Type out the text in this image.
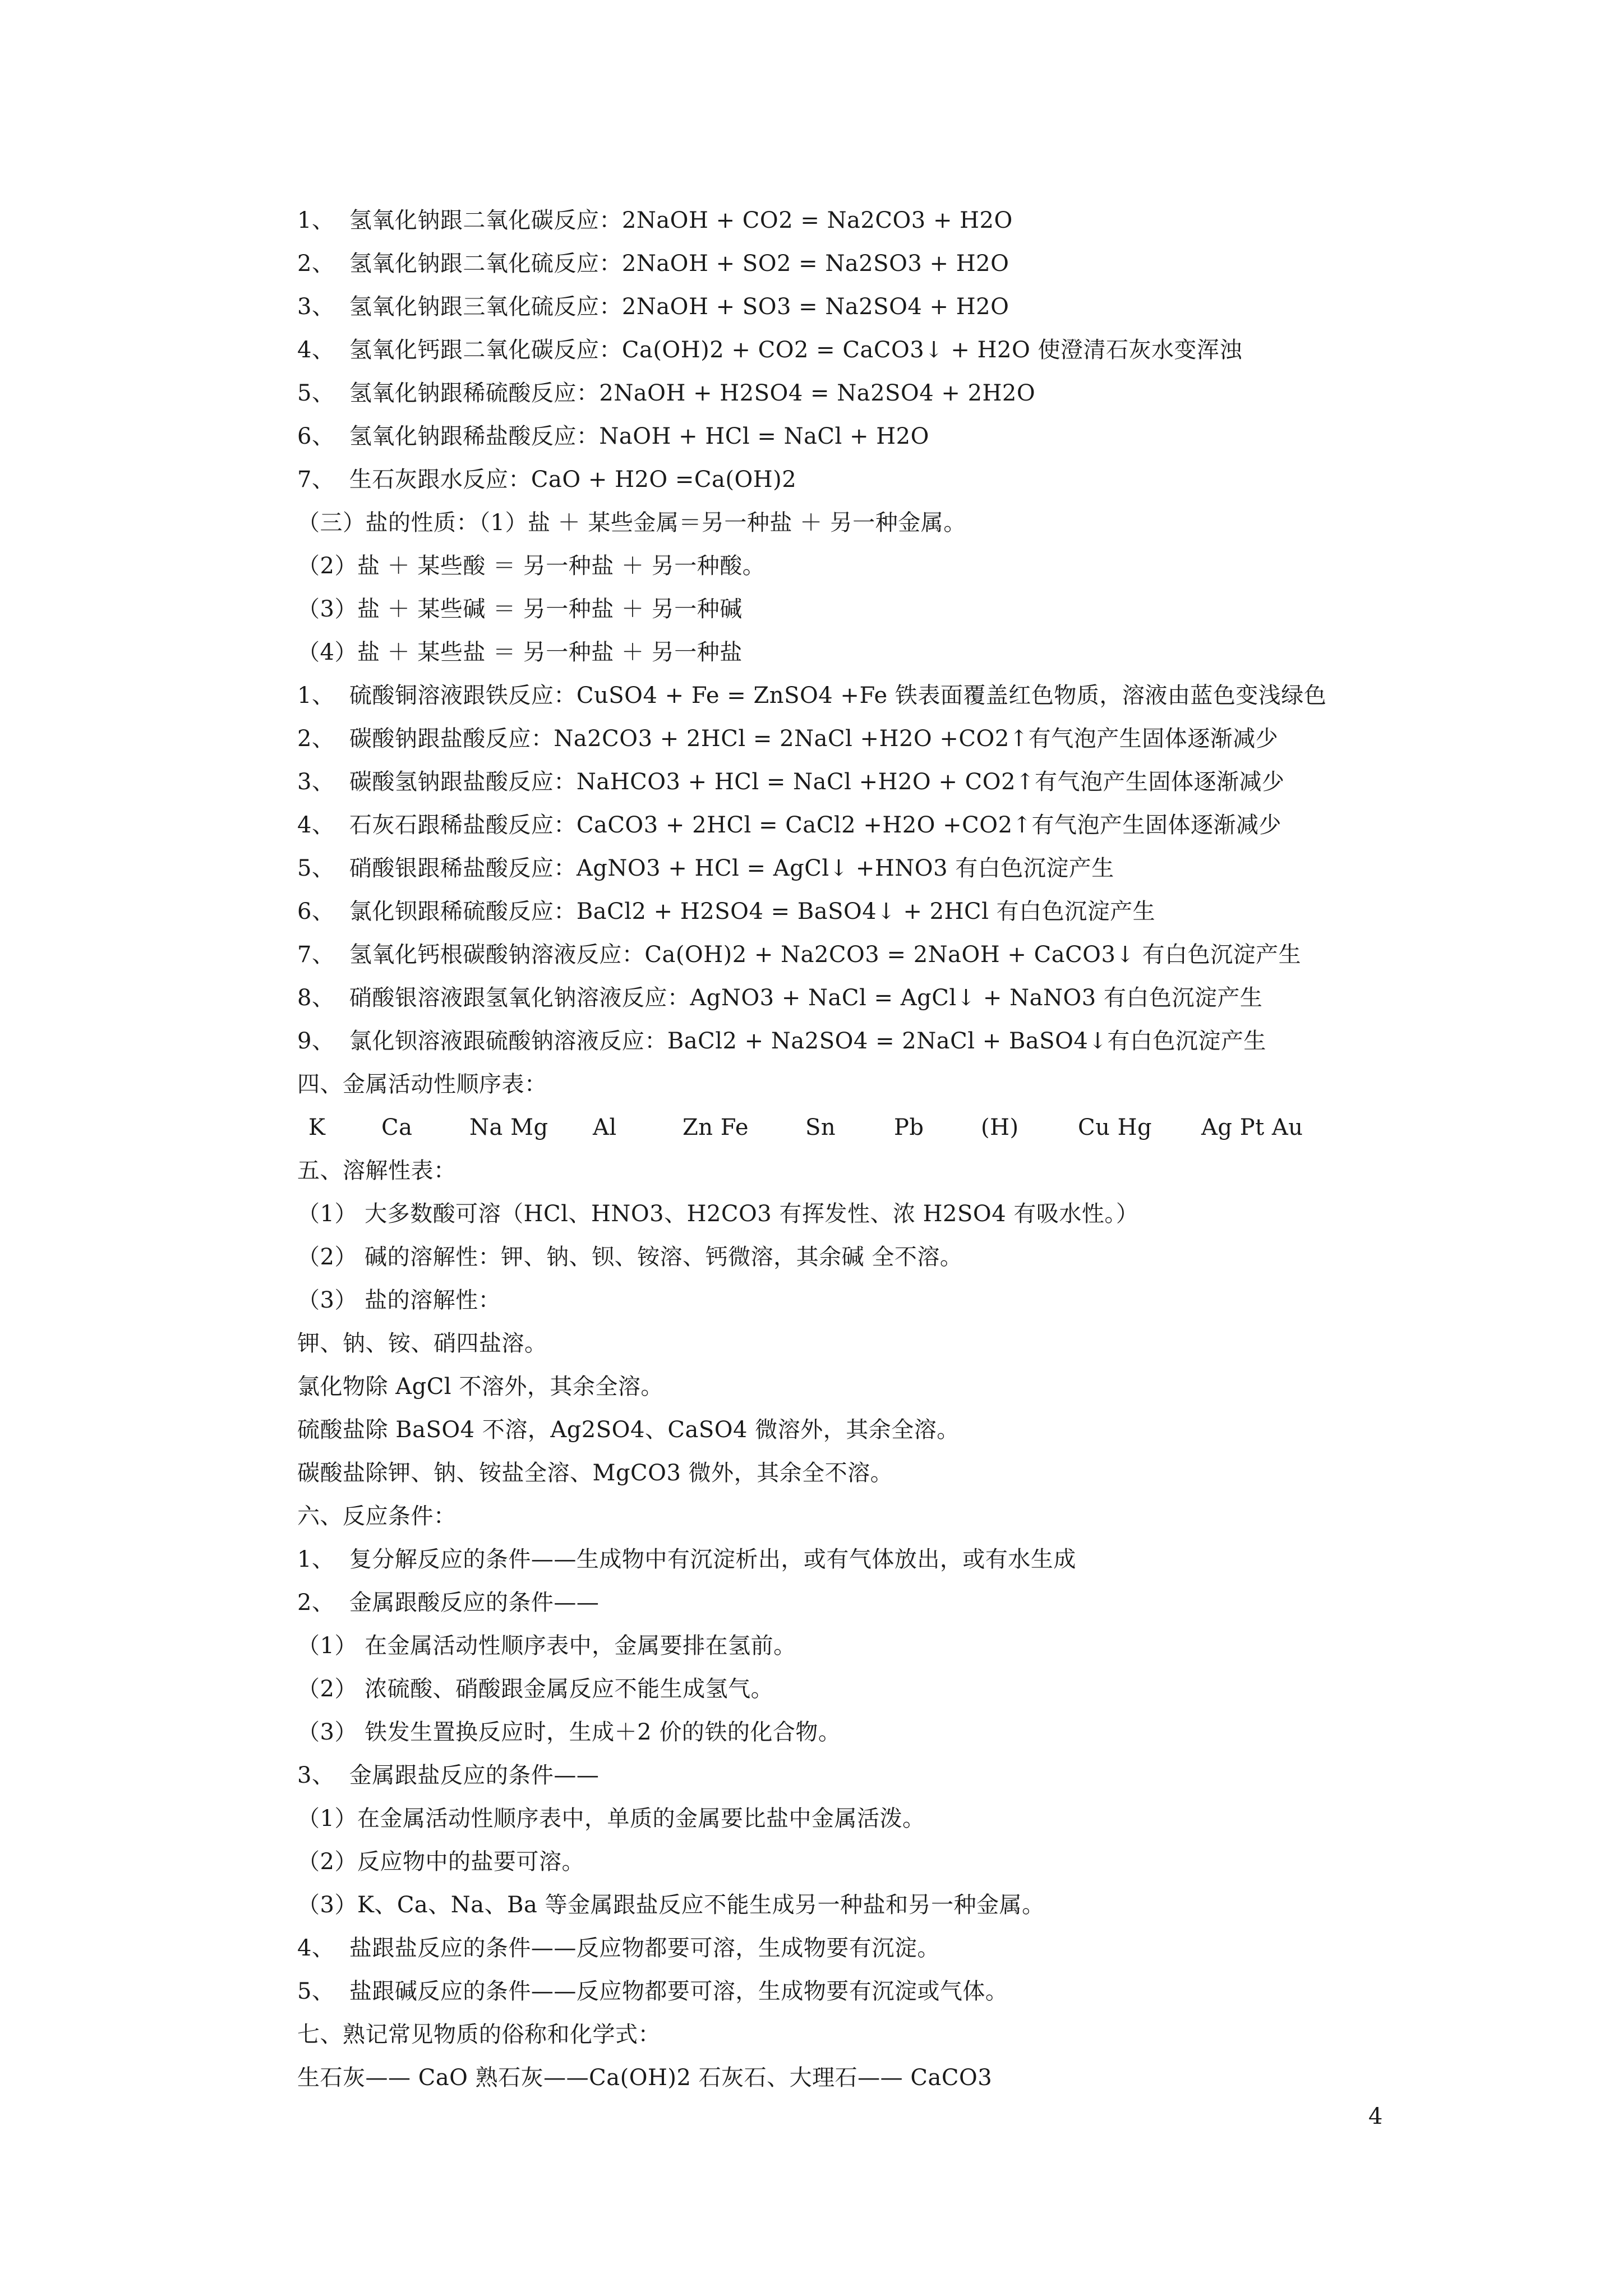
1、  氢氧化钠跟二氧化碳反应：2NaOH + CO2 = Na2CO3 + H2O
2、  氢氧化钠跟二氧化硫反应：2NaOH + SO2 = Na2SO3 + H2O
3、  氢氧化钠跟三氧化硫反应：2NaOH + SO3 = Na2SO4 + H2O
4、  氢氧化钙跟二氧化碳反应：Ca(OH)2 + CO2 = CaCO3↓ + H2O 使澄清石灰水变浑浊
5、  氢氧化钠跟稀硫酸反应：2NaOH + H2SO4 = Na2SO4 + 2H2O
6、  氢氧化钠跟稀盐酸反应：NaOH + HCl = NaCl + H2O
7、  生石灰跟水反应：CaO + H2O =Ca(OH)2
（三）盐的性质：（1）盐 ＋ 某些金属＝另一种盐 ＋ 另一种金属。
（2）盐 ＋ 某些酸 ＝ 另一种盐 ＋ 另一种酸。
（3）盐 ＋ 某些碱 ＝ 另一种盐 ＋ 另一种碱
（4）盐 ＋ 某些盐 ＝ 另一种盐 ＋ 另一种盐
1、  硫酸铜溶液跟铁反应：CuSO4 + Fe = ZnSO4 +Fe 铁表面覆盖红色物质，溶液由蓝色变浅绿色
2、  碳酸钠跟盐酸反应：Na2CO3 + 2HCl = 2NaCl +H2O +CO2↑有气泡产生固体逐渐减少
3、  碳酸氢钠跟盐酸反应：NaHCO3 + HCl = NaCl +H2O + CO2↑有气泡产生固体逐渐减少
4、  石灰石跟稀盐酸反应：CaCO3 + 2HCl = CaCl2 +H2O +CO2↑有气泡产生固体逐渐减少
5、  硝酸银跟稀盐酸反应：AgNO3 + HCl = AgCl↓ +HNO3 有白色沉淀产生
6、  氯化钡跟稀硫酸反应：BaCl2 + H2SO4 = BaSO4↓ + 2HCl 有白色沉淀产生
7、  氢氧化钙根碳酸钠溶液反应：Ca(OH)2 + Na2CO3 = 2NaOH + CaCO3↓ 有白色沉淀产生
8、  硝酸银溶液跟氢氧化钠溶液反应：AgNO3 + NaCl = AgCl↓ + NaNO3 有白色沉淀产生
9、  氯化钡溶液跟硫酸钠溶液反应：BaCl2 + Na2SO4 = 2NaCl + BaSO4↓有白色沉淀产生
四、金属活动性顺序表：

K

Ca

	Na Mg

Al

	Zn Fe

	Sn

	Pb

	(H)

	Cu Hg

Ag Pt Au

五、溶解性表：
（1） 大多数酸可溶（HCl、HNO3、H2CO3 有挥发性、浓 H2SO4 有吸水性。）
（2） 碱的溶解性：钾、钠、钡、铵溶、钙微溶，其余碱 全不溶。
（3） 盐的溶解性：
钾、钠、铵、硝四盐溶。
氯化物除 AgCl 不溶外，其余全溶。
硫酸盐除 BaSO4 不溶，Ag2SO4、CaSO4 微溶外，其余全溶。
碳酸盐除钾、钠、铵盐全溶、MgCO3 微外，其余全不溶。
六、反应条件：
1、  复分解反应的条件——生成物中有沉淀析出，或有气体放出，或有水生成
2、  金属跟酸反应的条件——
（1） 在金属活动性顺序表中，金属要排在氢前。
（2） 浓硫酸、硝酸跟金属反应不能生成氢气。
（3） 铁发生置换反应时，生成＋2 价的铁的化合物。
3、  金属跟盐反应的条件——
（1）在金属活动性顺序表中，单质的金属要比盐中金属活泼。
（2）反应物中的盐要可溶。
（3）K、Ca、Na、Ba 等金属跟盐反应不能生成另一种盐和另一种金属。
4、  盐跟盐反应的条件——反应物都要可溶，生成物要有沉淀。
5、  盐跟碱反应的条件——反应物都要可溶，生成物要有沉淀或气体。
七、熟记常见物质的俗称和化学式：
生石灰—— CaO 熟石灰——Ca(OH)2 石灰石、大理石—— CaCO3
4
